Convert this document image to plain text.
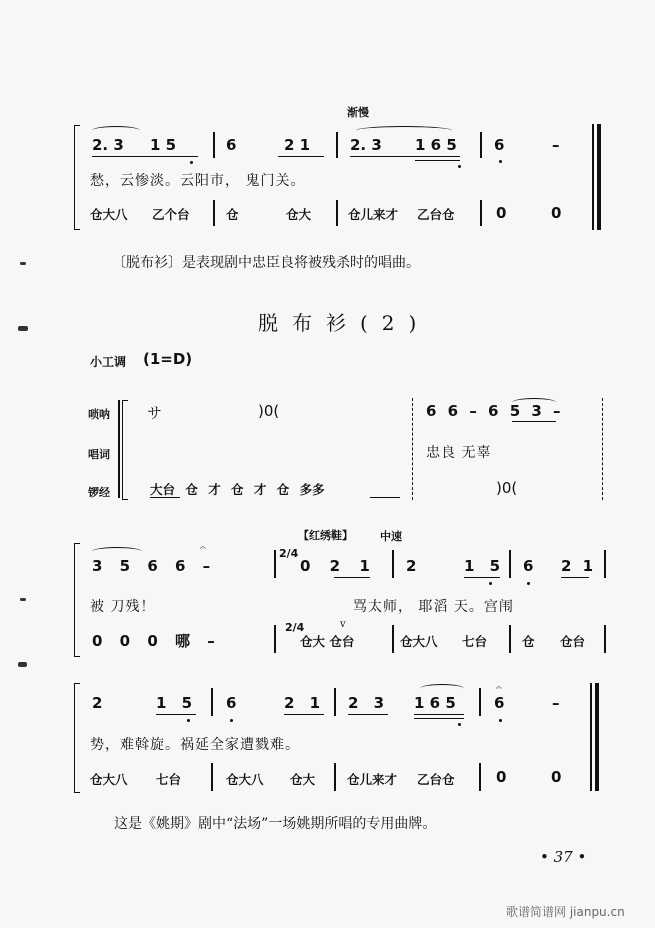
渐慢
2. 3 1 5	6	2 1	2. 3 1 6 5 6	–
愁，云惨淡。云阳市， 鬼门关。
仓大八 乙个台	仓	仓大	仓儿来才 乙台仓	0	0
〔脱布衫〕是表现剧中忠臣良将被残杀时的唱曲。
脱布衫(2)
小工调 (1=D)
唢呐
唱词
锣经
サ	)0(	6 6 – 6 5 3 –
忠良 无辜
大台 仓 才 仓 才 仓 多多	)0(
【红绣鞋】 中速
3 5 6 6 –
𝄐	2/4
0 2 1 2	1 5 6 2 1
被 刀残！	骂太师， 耶滔 天。宫闱
0 0 0 哪 –
2/4
仓大 仓台
v
仓大八 七台	仓 仓台
2	1 5 6	2 1 2 3 1 6 5
𝄐
6	–
势，难斡旋。祸延全家遭戮难。
仓大八 七台	仓大八 仓大	仓儿来才 乙台仓	0	0
这是《姚期》剧中“法场”一场姚期所唱的专用曲牌。
• 37 •
歌谱简谱网 jianpu.cn
